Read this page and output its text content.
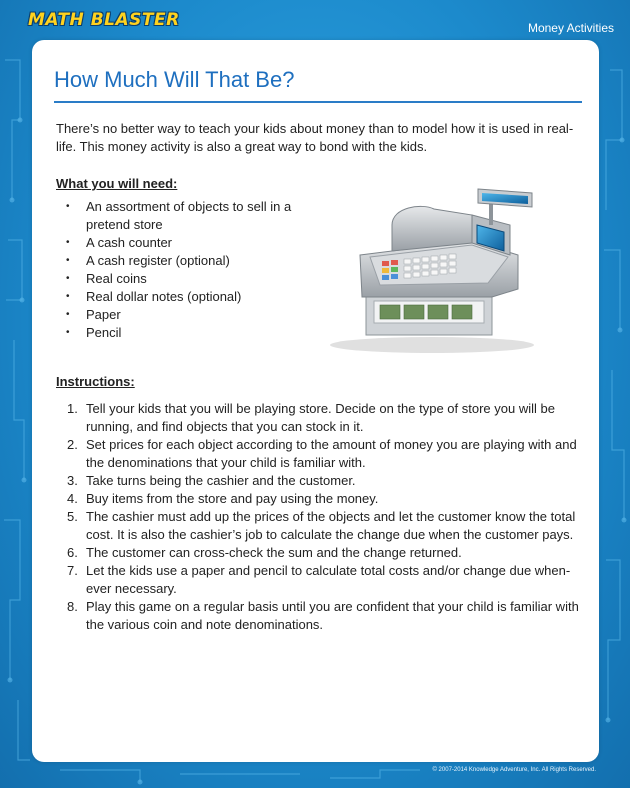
MATH BLASTER	Money Activities
How Much Will That Be?

There’s no better way to teach your kids about money than to model how it is used in real-life. This money activity is also a great way to bond with the kids.

What you will need:
• An assortment of objects to sell in a pretend store
• A cash counter
• A cash register (optional)
• Real coins
• Real dollar notes (optional)
• Paper
• Pencil
Instructions:
1. Tell your kids that you will be playing store. Decide on the type of store you will be running, and find objects that you can stock in it.
2. Set prices for each object according to the amount of money you are playing with and the denominations that your child is familiar with.
3. Take turns being the cashier and the customer.
4. Buy items from the store and pay using the money.
5. The cashier must add up the prices of the objects and let the customer know the total cost. It is also the cashier’s job to calculate the change due when the customer pays.
6. The customer can cross-check the sum and the change returned.
7. Let the kids use a paper and pencil to calculate total costs and/or change due when-ever necessary.
8. Play this game on a regular basis until you are confident that your child is familiar with the various coin and note denominations.
© 2007-2014 Knowledge Adventure, Inc. All Rights Reserved.
